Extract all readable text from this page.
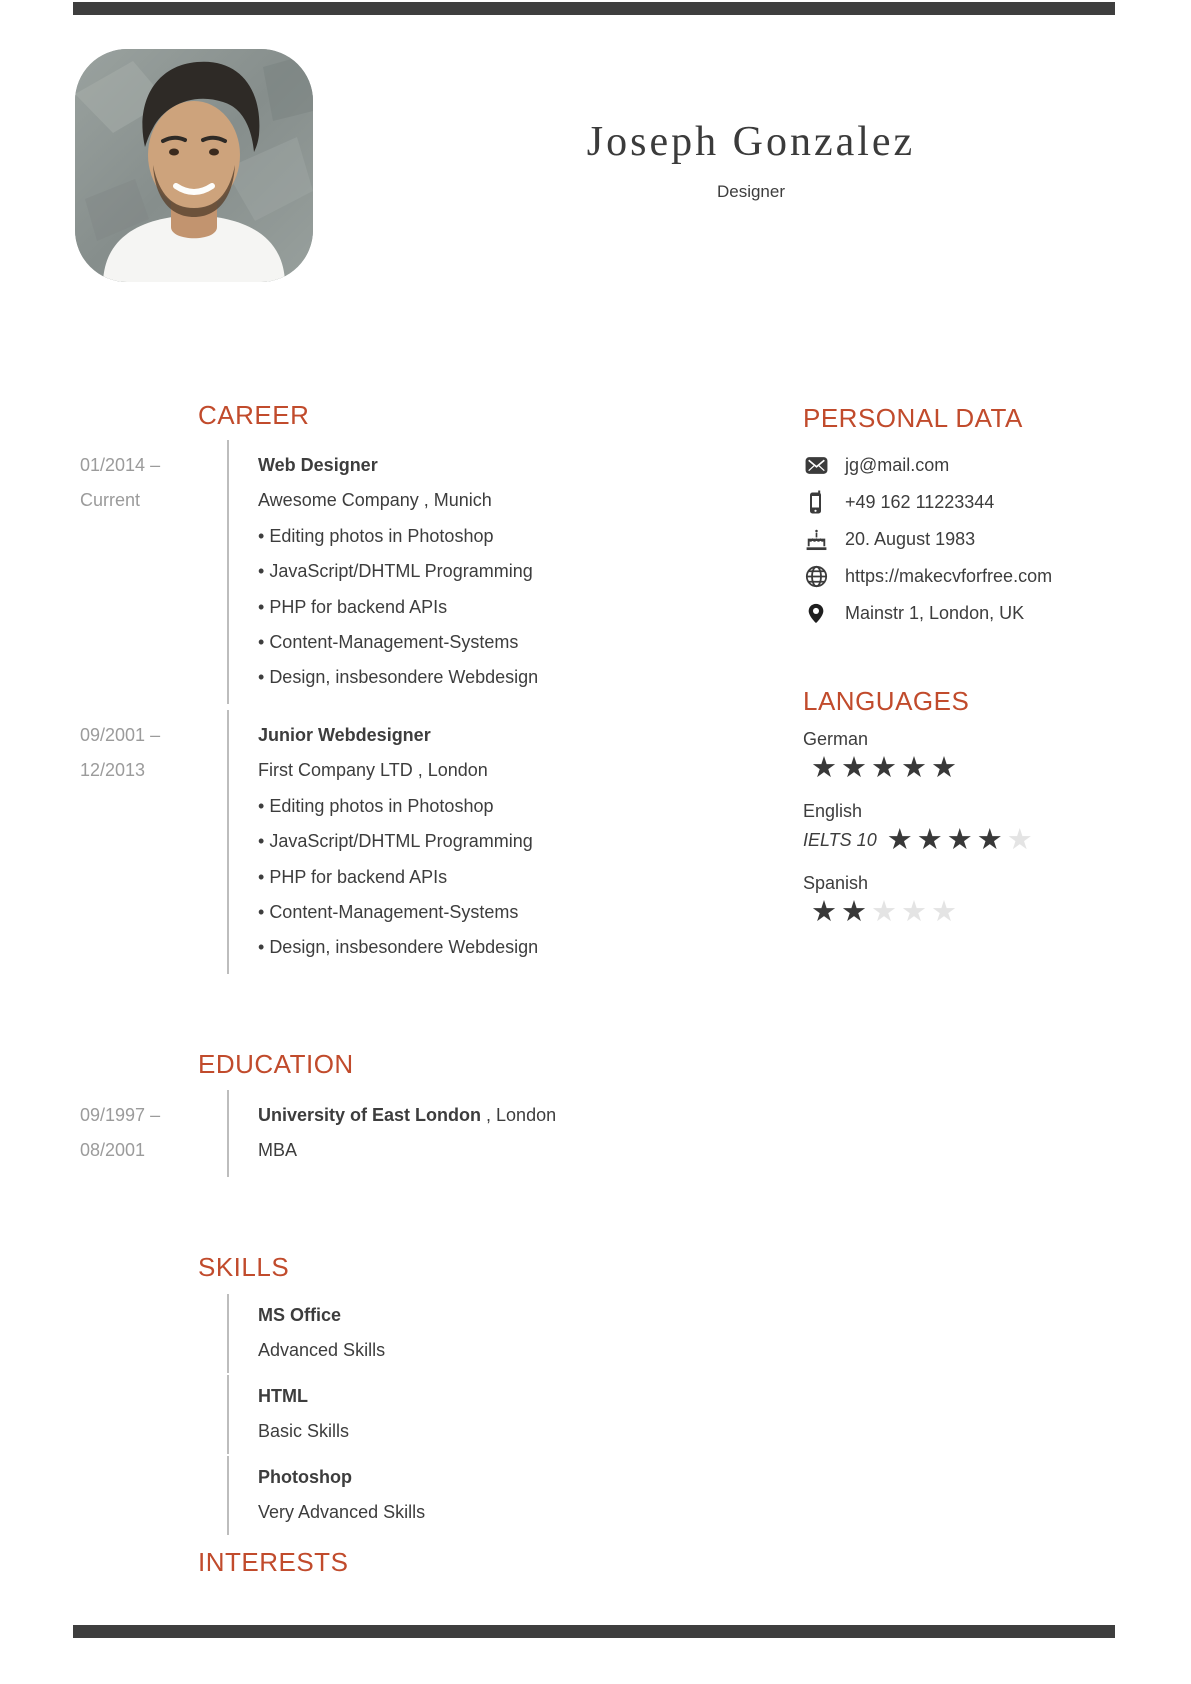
Joseph Gonzalez
Designer
CAREER
01/2014 –
Current
Web Designer
Awesome Company , Munich
• Editing photos in Photoshop
• JavaScript/DHTML Programming
• PHP for backend APIs
• Content-Management-Systems
• Design, insbesondere Webdesign
09/2001 –
12/2013
Junior Webdesigner
First Company LTD , London
• Editing photos in Photoshop
• JavaScript/DHTML Programming
• PHP for backend APIs
• Content-Management-Systems
• Design, insbesondere Webdesign
EDUCATION
09/1997 –
08/2001
University of East London , London
MBA
SKILLS
MS Office
Advanced Skills
HTML
Basic Skills
Photoshop
Very Advanced Skills
INTERESTS
PERSONAL DATA
jg@mail.com
+49 162 11223344
20. August 1983
https://makecvforfree.com
Mainstr 1, London, UK
LANGUAGES
German
★★★★★
English
IELTS 10 ★★★★★
Spanish
★★★★★
